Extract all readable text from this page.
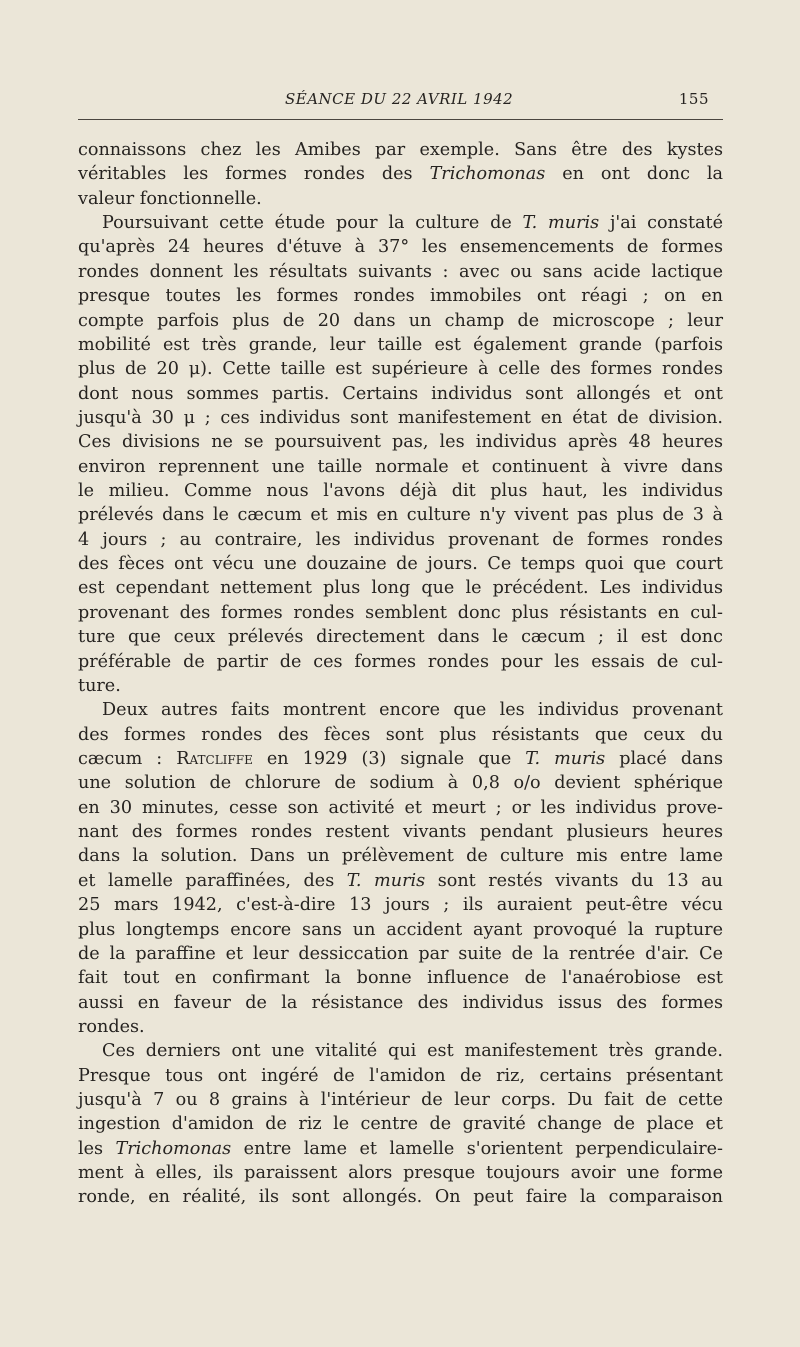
SÉANCE DU 22 AVRIL 1942	155
connaissons chez les Amibes par exemple. Sans être des kystes
véritables les formes rondes des Trichomonas en ont donc la
valeur fonctionnelle.
Poursuivant cette étude pour la culture de T. muris j'ai constaté
qu'après 24 heures d'étuve à 37° les ensemencements de formes
rondes donnent les résultats suivants : avec ou sans acide lactique
presque toutes les formes rondes immobiles ont réagi ; on en
compte parfois plus de 20 dans un champ de microscope ; leur
mobilité est très grande, leur taille est également grande (parfois
plus de 20 μ). Cette taille est supérieure à celle des formes rondes
dont nous sommes partis. Certains individus sont allongés et ont
jusqu'à 30 μ ; ces individus sont manifestement en état de division.
Ces divisions ne se poursuivent pas, les individus après 48 heures
environ reprennent une taille normale et continuent à vivre dans
le milieu. Comme nous l'avons déjà dit plus haut, les individus
prélevés dans le cæcum et mis en culture n'y vivent pas plus de 3 à
4 jours ; au contraire, les individus provenant de formes rondes
des fèces ont vécu une douzaine de jours. Ce temps quoi que court
est cependant nettement plus long que le précédent. Les individus
provenant des formes rondes semblent donc plus résistants en cul-
ture que ceux prélevés directement dans le cæcum ; il est donc
préférable de partir de ces formes rondes pour les essais de cul-
ture.
Deux autres faits montrent encore que les individus provenant
des formes rondes des fèces sont plus résistants que ceux du
cæcum : Ratcliffe en 1929 (3) signale que T. muris placé dans
une solution de chlorure de sodium à 0,8 o/o devient sphérique
en 30 minutes, cesse son activité et meurt ; or les individus prove-
nant des formes rondes restent vivants pendant plusieurs heures
dans la solution. Dans un prélèvement de culture mis entre lame
et lamelle paraffinées, des T. muris sont restés vivants du 13 au
25 mars 1942, c'est-à-dire 13 jours ; ils auraient peut-être vécu
plus longtemps encore sans un accident ayant provoqué la rupture
de la paraffine et leur dessiccation par suite de la rentrée d'air. Ce
fait tout en confirmant la bonne influence de l'anaérobiose est
aussi en faveur de la résistance des individus issus des formes
rondes.
Ces derniers ont une vitalité qui est manifestement très grande.
Presque tous ont ingéré de l'amidon de riz, certains présentant
jusqu'à 7 ou 8 grains à l'intérieur de leur corps. Du fait de cette
ingestion d'amidon de riz le centre de gravité change de place et
les Trichomonas entre lame et lamelle s'orientent perpendiculaire-
ment à elles, ils paraissent alors presque toujours avoir une forme
ronde, en réalité, ils sont allongés. On peut faire la comparaison
